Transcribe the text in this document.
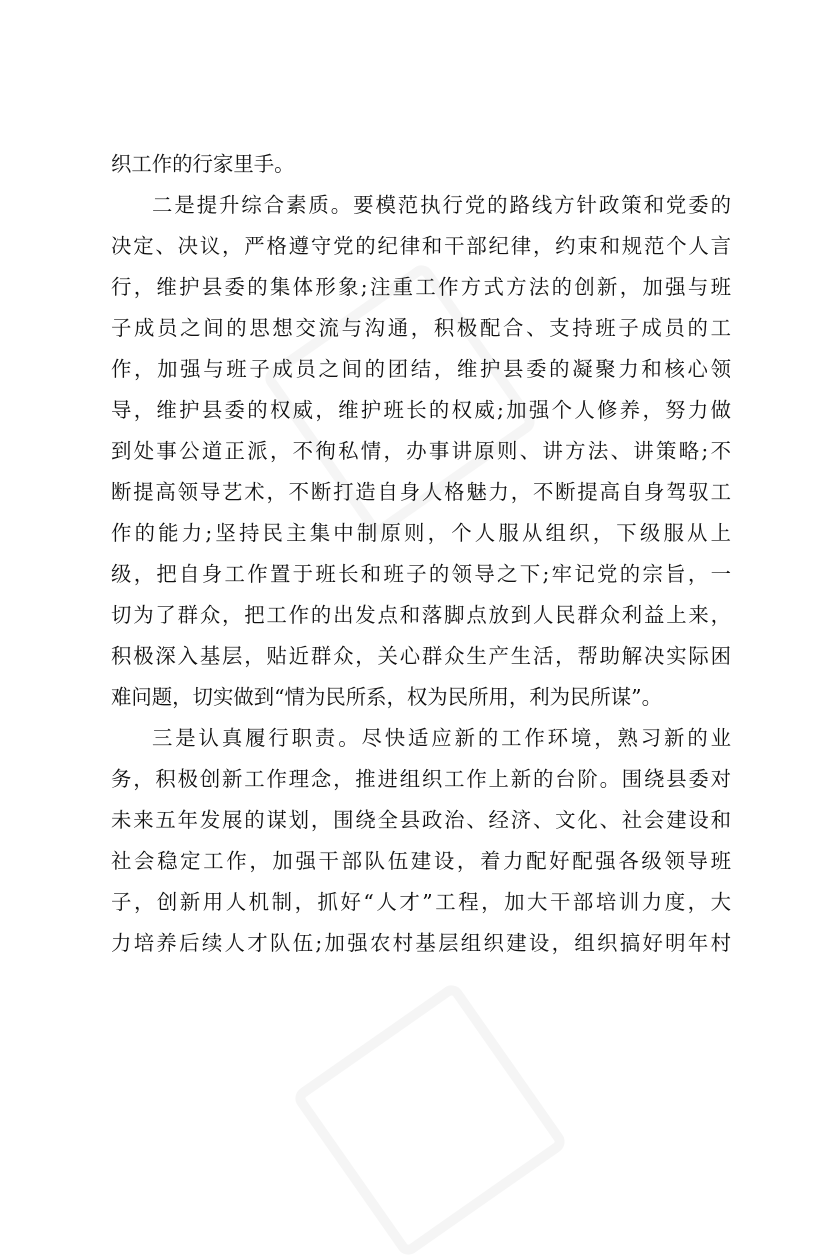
织工作的行家里手。
二是提升综合素质。要模范执行党的路线方针政策和党委的
决定、决议，严格遵守党的纪律和干部纪律，约束和规范个人言
行，维护县委的集体形象;注重工作方式方法的创新，加强与班
子成员之间的思想交流与沟通，积极配合、支持班子成员的工
作，加强与班子成员之间的团结，维护县委的凝聚力和核心领
导，维护县委的权威，维护班长的权威;加强个人修养，努力做
到处事公道正派，不徇私情，办事讲原则、讲方法、讲策略;不
断提高领导艺术，不断打造自身人格魅力，不断提高自身驾驭工
作的能力;坚持民主集中制原则，个人服从组织，下级服从上
级，把自身工作置于班长和班子的领导之下;牢记党的宗旨，一
切为了群众，把工作的出发点和落脚点放到人民群众利益上来，
积极深入基层，贴近群众，关心群众生产生活，帮助解决实际困
难问题，切实做到“情为民所系，权为民所用，利为民所谋”。
三是认真履行职责。尽快适应新的工作环境，熟习新的业
务，积极创新工作理念，推进组织工作上新的台阶。围绕县委对
未来五年发展的谋划，围绕全县政治、经济、文化、社会建设和
社会稳定工作，加强干部队伍建设，着力配好配强各级领导班
子，创新用人机制，抓好“人才”工程，加大干部培训力度，大
力培养后续人才队伍;加强农村基层组织建设，组织搞好明年村
